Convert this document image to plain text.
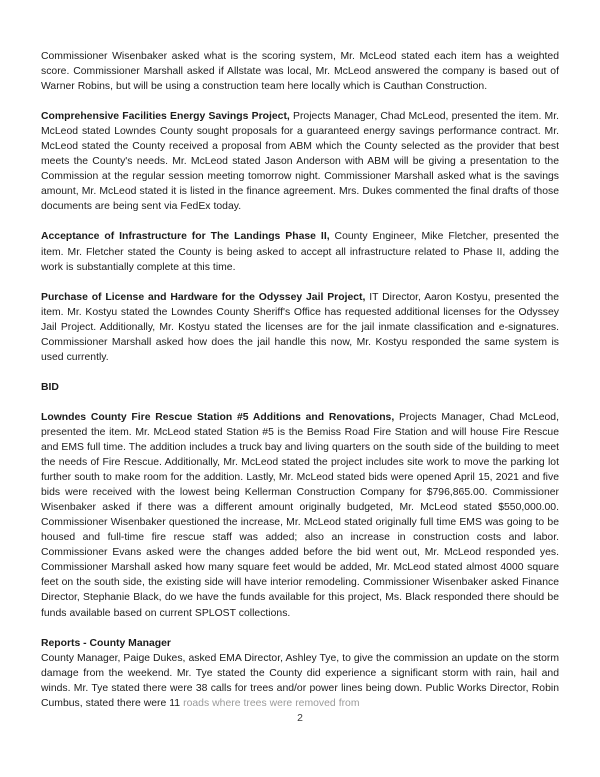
Commissioner Wisenbaker asked what is the scoring system, Mr. McLeod stated each item has a weighted score. Commissioner Marshall asked if Allstate was local, Mr. McLeod answered the company is based out of Warner Robins, but will be using a construction team here locally which is Cauthan Construction.

Comprehensive Facilities Energy Savings Project, Projects Manager, Chad McLeod, presented the item. Mr. McLeod stated Lowndes County sought proposals for a guaranteed energy savings performance contract. Mr. McLeod stated the County received a proposal from ABM which the County selected as the provider that best meets the County's needs. Mr. McLeod stated Jason Anderson with ABM will be giving a presentation to the Commission at the regular session meeting tomorrow night. Commissioner Marshall asked what is the savings amount, Mr. McLeod stated it is listed in the finance agreement. Mrs. Dukes commented the final drafts of those documents are being sent via FedEx today.

Acceptance of Infrastructure for The Landings Phase II, County Engineer, Mike Fletcher, presented the item. Mr. Fletcher stated the County is being asked to accept all infrastructure related to Phase II, adding the work is substantially complete at this time.

Purchase of License and Hardware for the Odyssey Jail Project, IT Director, Aaron Kostyu, presented the item. Mr. Kostyu stated the Lowndes County Sheriff's Office has requested additional licenses for the Odyssey Jail Project. Additionally, Mr. Kostyu stated the licenses are for the jail inmate classification and e-signatures. Commissioner Marshall asked how does the jail handle this now, Mr. Kostyu responded the same system is used currently.

BID

Lowndes County Fire Rescue Station #5 Additions and Renovations, Projects Manager, Chad McLeod, presented the item. Mr. McLeod stated Station #5 is the Bemiss Road Fire Station and will house Fire Rescue and EMS full time. The addition includes a truck bay and living quarters on the south side of the building to meet the needs of Fire Rescue. Additionally, Mr. McLeod stated the project includes site work to move the parking lot further south to make room for the addition. Lastly, Mr. McLeod stated bids were opened April 15, 2021 and five bids were received with the lowest being Kellerman Construction Company for $796,865.00. Commissioner Wisenbaker asked if there was a different amount originally budgeted, Mr. McLeod stated $550,000.00. Commissioner Wisenbaker questioned the increase, Mr. McLeod stated originally full time EMS was going to be housed and full-time fire rescue staff was added; also an increase in construction costs and labor. Commissioner Evans asked were the changes added before the bid went out, Mr. McLeod responded yes. Commissioner Marshall asked how many square feet would be added, Mr. McLeod stated almost 4000 square feet on the south side, the existing side will have interior remodeling. Commissioner Wisenbaker asked Finance Director, Stephanie Black, do we have the funds available for this project, Ms. Black responded there should be funds available based on current SPLOST collections.

Reports - County Manager

County Manager, Paige Dukes, asked EMA Director, Ashley Tye, to give the commission an update on the storm damage from the weekend. Mr. Tye stated the County did experience a significant storm with rain, hail and winds. Mr. Tye stated there were 38 calls for trees and/or power lines being down. Public Works Director, Robin Cumbus, stated there were 11 roads where trees were removed from

2
